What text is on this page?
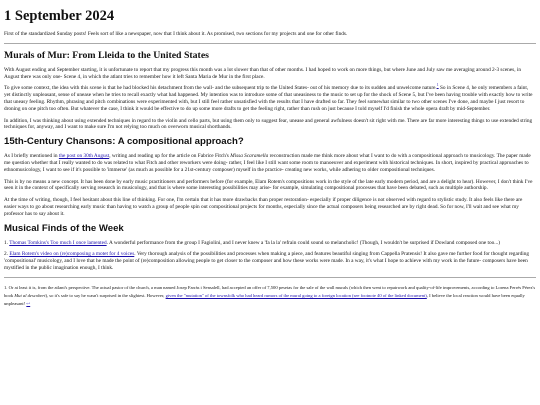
1 September 2024

First of the standardized Sunday posts! Feels sort of like a newspaper, now that I think about it. As promised, two sections for my projects and one for other finds.

Murals of Mur: From Lleida to the United States

With August ending and September starting, it is unfortunate to report that my progress this month was a lot slower than that of other months. I had hoped to work on more things, but where June and July saw me averaging around 2-3 scenes, in August there was only one- Scene 4, in which the atlant tries to remember how it left Santa Maria de Mur in the first place.

To give some context, the idea with this scene is that he had blocked his detachment from the wall- and the subsequent trip to the United States- out of his memory due to its sudden and unwelcome nature.$^1$ So in Scene 4, he only remembers a faint, yet distinctly unpleasant, sense of unease when he tries to recall exactly what had happened. My intention was to introduce some of that uneasiness to the music to set up for the shock of Scene 5, but I've been having trouble with exactly how to write that uneasy feeling. Rhythm, phrasing and pitch combinations were experimented with, but I still feel rather unsatisfied with the results that I have drafted so far. They feel somewhat similar to two other scenes I've done, and maybe I just resort to droning on one pitch too often. But whatever the case, I think it would be effective to do up some more drafts to get the feeling right, rather than rush on just because I told myself I'd finish the whole opera draft by mid-September.

In addition, I was thinking about using extended techniques in regard to the violin and cello parts, but using them only to suggest fear, unease and general awfulness doesn't sit right with me. There are far more interesting things to use extended string techniques for, anyway, and I want to make sure I'm not relying too much on overworn musical shorthands.

15th-Century Chansons: A compositional approach?

As I briefly mentioned in the post on 30th August, writing and reading up for the article on Fabrice Fitch's Missa Scaramella reconstruction made me think more about what I want to do with a compositional approach to musicology. The paper made me question whether that I really wanted to do was related to what Fitch and other reworkers were doing- rather, I feel like I still want some room to manoeuver and experiment with historical techniques. In short, inspired by practical approaches to ethnomusicology, I want to see if it's possible to 'immerse' (as much as possible for a 21st-century composer) myself in the practice- creating new works, while adhering to older compositional techniques.

This is by no means a new concept. It has been done by early music practitioners and performers before (for example, Elam Rotem's compositions work in the style of the late early modern period, and are a delight to hear). However, I don't think I've seen it in the context of specifically serving research in musicology, and that is where some interesting possibilities may arise- for example, simulating compositional processes that have been debated, such as multiple authorship.

At the time of writing, though, I feel hesitant about this line of thinking. For one, I'm certain that it has more drawbacks than proper restoration- especially if proper diligence is not observed with regard to stylistic study. It also feels like there are easier ways to go about researching early music than having to watch a group of people spin out compositional projects for months, especially since the actual composers being researched are by right dead. So for now, I'll wait and see what my professor has to say about it.

Musical Finds of the Week
1. Thomas Tomkins's Too much I once lamented. A wonderful performance from the group I Fagiolini, and I never knew a 'fa la la' refrain could sound so melancholic! (Though, I wouldn't be surprised if Dowland composed one too...)
2. Elam Rotem's video on (re)composing a motet for 4 voices. Very thorough analysis of the possibilities and processes when making a piece, and features beautiful singing from Cappella Pratensis! It also gave me further food for thought regarding 'compositional' musicology, and I love that he made the point of (re)composition allowing people to get closer to the composer and how these works were made. In a way, it's what I hope to achieve with my work in the future- composers have been mystified in the public imagination enough, I think.

1. Or at least it is, from the atlant's perspective. The actual pastor of the church, a man named Josep Farràs i Sensalell, had accepted an offer of 7,500 pesetas for the sale of the wall murals (which then went to repairwork and quality-of-life improvements, according to Lorena Ferrés Pérez's book Mut al descobert), so it's safe to say he wasn't surprised in the slightest. However, given the "mutation" of the townsfolk who had heard rumors of the mural going to a foreign location (see footnote 40 of the linked document), I believe the local reaction would have been equally unpleasant! ↩
